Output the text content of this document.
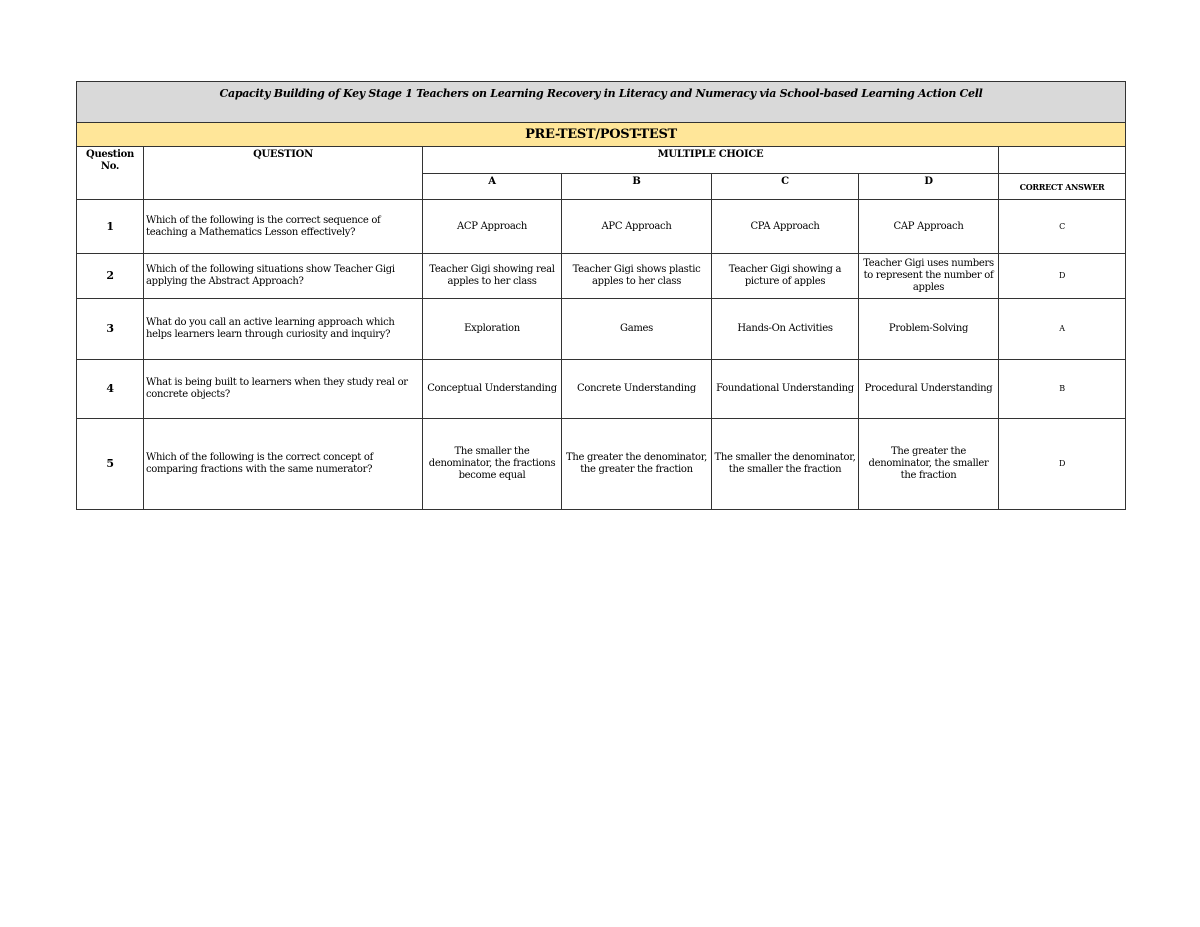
Capacity Building of Key Stage 1 Teachers on Learning Recovery in Literacy and Numeracy via School-based Learning Action Cell						
PRE-TEST/POST-TEST						
Question No.	QUESTION	MULTIPLE CHOICE				
		A	B	C	D	CORRECT ANSWER
1	Which of the following is the correct sequence of teaching a Mathematics Lesson effectively?	ACP Approach	APC Approach	CPA Approach	CAP Approach	C
2	Which of the following situations show Teacher Gigi applying the Abstract Approach?	Teacher Gigi showing real apples to her class	Teacher Gigi shows plastic apples to her class	Teacher Gigi showing a picture of apples	Teacher Gigi uses numbers to represent the number of apples	D
3	What do you call an active learning approach which helps learners learn through curiosity and inquiry?	Exploration	Games	Hands-On Activities	Problem-Solving	A
4	What is being built to learners when they study real or concrete objects?	Conceptual Understanding	Concrete Understanding	Foundational Understanding	Procedural Understanding	B
5	Which of the following is the correct concept of comparing fractions with the same numerator?	The smaller the denominator, the fractions become equal	The greater the denominator, the greater the fraction	The smaller the denominator, the smaller the fraction	The greater the denominator, the smaller the fraction	D
